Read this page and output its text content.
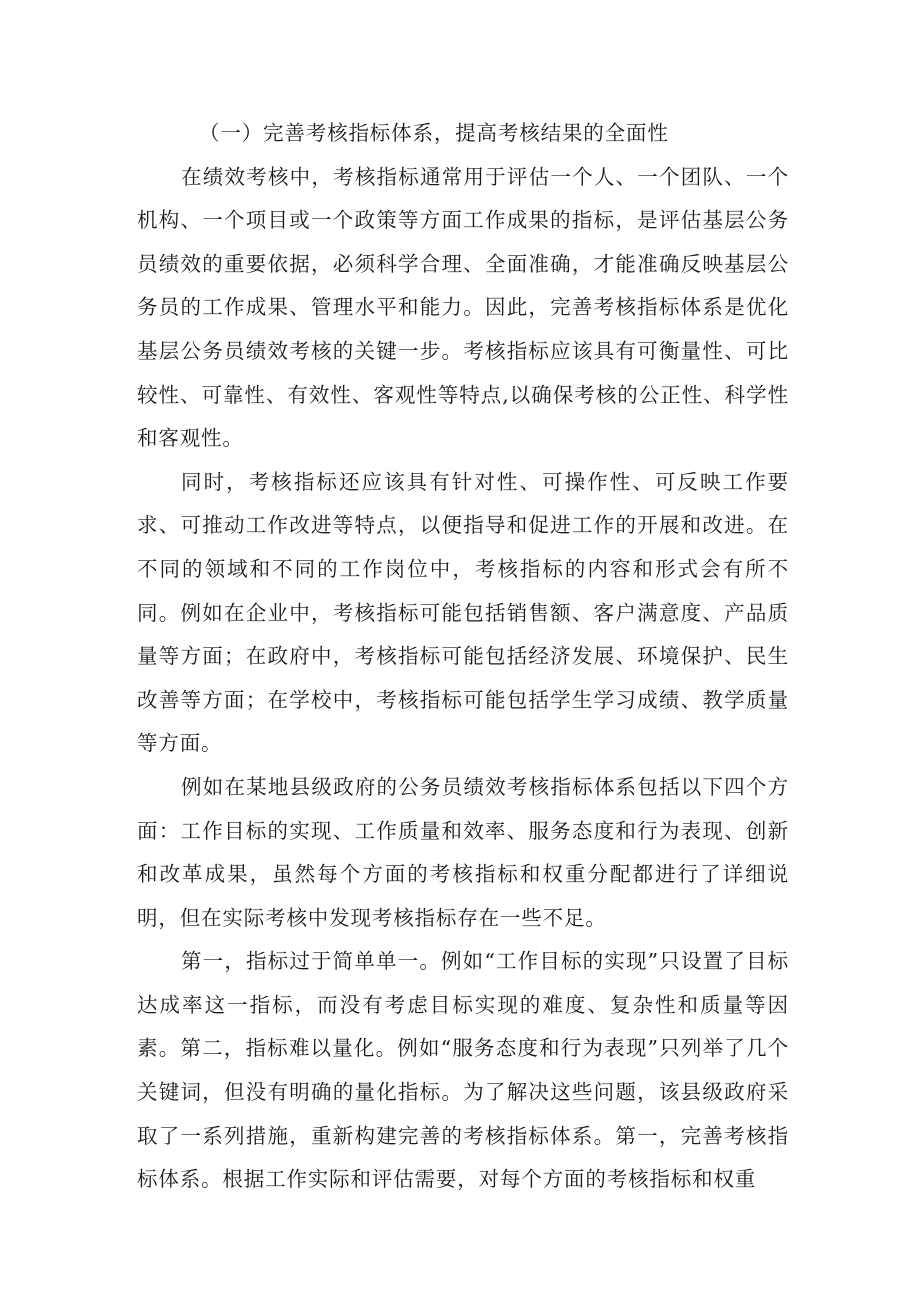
（一）完善考核指标体系，提高考核结果的全面性

在绩效考核中，考核指标通常用于评估一个人、一个团队、一个机构、一个项目或一个政策等方面工作成果的指标，是评估基层公务员绩效的重要依据，必须科学合理、全面准确，才能准确反映基层公务员的工作成果、管理水平和能力。因此，完善考核指标体系是优化基层公务员绩效考核的关键一步。考核指标应该具有可衡量性、可比较性、可靠性、有效性、客观性等特点,以确保考核的公正性、科学性和客观性。

同时，考核指标还应该具有针对性、可操作性、可反映工作要求、可推动工作改进等特点，以便指导和促进工作的开展和改进。在不同的领域和不同的工作岗位中，考核指标的内容和形式会有所不同。例如在企业中，考核指标可能包括销售额、客户满意度、产品质量等方面；在政府中，考核指标可能包括经济发展、环境保护、民生改善等方面；在学校中，考核指标可能包括学生学习成绩、教学质量等方面。

例如在某地县级政府的公务员绩效考核指标体系包括以下四个方面：工作目标的实现、工作质量和效率、服务态度和行为表现、创新和改革成果，虽然每个方面的考核指标和权重分配都进行了详细说明，但在实际考核中发现考核指标存在一些不足。

第一，指标过于简单单一。例如“工作目标的实现”只设置了目标达成率这一指标，而没有考虑目标实现的难度、复杂性和质量等因素。第二，指标难以量化。例如“服务态度和行为表现”只列举了几个关键词，但没有明确的量化指标。为了解决这些问题，该县级政府采取了一系列措施，重新构建完善的考核指标体系。第一，完善考核指标体系。根据工作实际和评估需要，对每个方面的考核指标和权重
